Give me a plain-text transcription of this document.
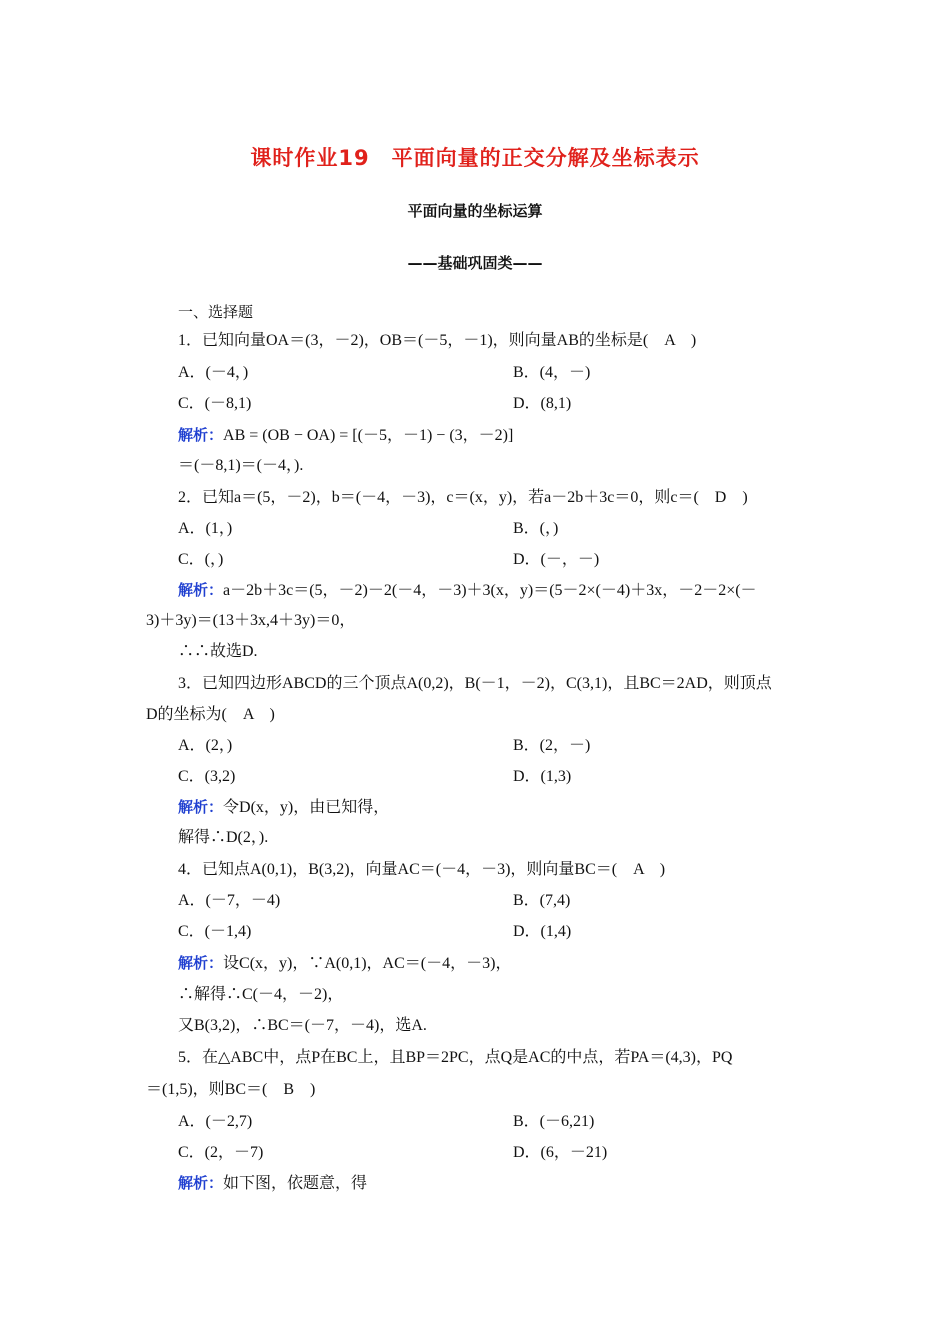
课时作业19　平面向量的正交分解及坐标表示
平面向量的坐标运算
——基础巩固类——
一、选择题
1．已知向量OA＝(3，－2)，OB＝(－5，－1)，则向量AB的坐标是(　A　)
A．(－4，)	B．(4，－)
C．(－8,1)	D．(8,1)
解析：AB = (OB − OA) = [(－5，－1) − (3，－2)]
＝(－8,1)＝(－4，).
2．已知a＝(5，－2)，b＝(－4，－3)，c＝(x，y)，若a－2b＋3c＝0，则c＝(　D　)
A．(1，)	B．(，)
C．(，)	D．(－，－)
解析：a－2b＋3c＝(5，－2)－2(－4，－3)＋3(x，y)＝(5－2×(－4)＋3x，－2－2×(－
3)＋3y)＝(13＋3x,4＋3y)＝0，
∴∴故选D.
3．已知四边形ABCD的三个顶点A(0,2)，B(－1，－2)，C(3,1)，且BC＝2AD，则顶点
D的坐标为(　A　)
A．(2，)	B．(2，－)
C．(3,2)	D．(1,3)
解析：令D(x，y)，由已知得，
解得∴D(2，).
4．已知点A(0,1)，B(3,2)，向量AC＝(－4，－3)，则向量BC＝(　A　)
A．(－7，－4)	B．(7,4)
C．(－1,4)	D．(1,4)
解析：设C(x，y)，∵A(0,1)，AC＝(－4，－3)，
∴解得∴C(－4，－2)，
又B(3,2)，∴BC＝(－7，－4)，选A.
5．在△ABC中，点P在BC上，且BP＝2PC，点Q是AC的中点，若PA＝(4,3)，PQ
＝(1,5)，则BC＝(　B　)
A．(－2,7)	B．(－6,21)
C．(2，－7)	D．(6，－21)
解析：如下图，依题意，得
